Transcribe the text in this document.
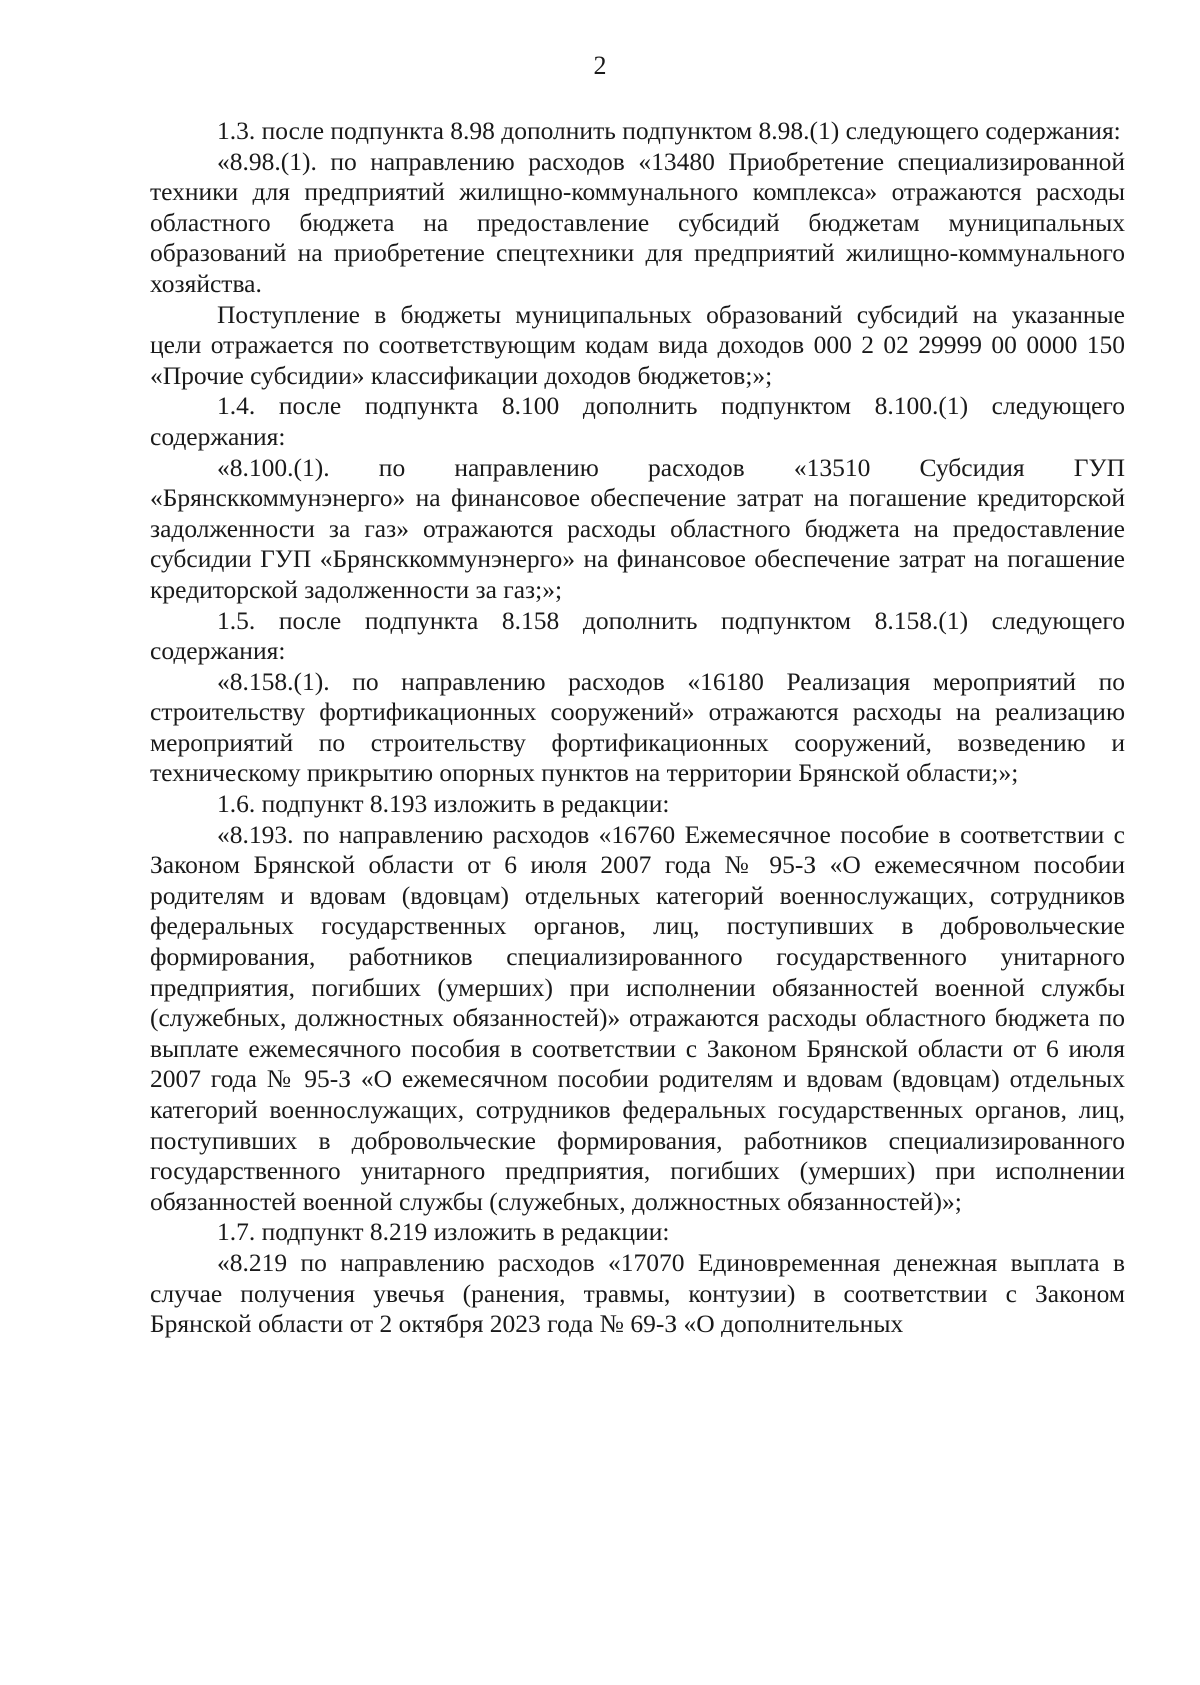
2

1.3. после подпункта 8.98 дополнить подпунктом 8.98.(1) следующего содержания:

«8.98.(1). по направлению расходов «13480 Приобретение специализированной техники для предприятий жилищно-коммунального комплекса» отражаются расходы областного бюджета на предоставление субсидий бюджетам муниципальных образований на приобретение спецтехники для предприятий жилищно-коммунального хозяйства.

Поступление в бюджеты муниципальных образований субсидий на указанные цели отражается по соответствующим кодам вида доходов 000 2 02 29999 00 0000 150 «Прочие субсидии» классификации доходов бюджетов;»;

1.4. после подпункта 8.100 дополнить подпунктом 8.100.(1) следующего содержания:

«8.100.(1). по направлению расходов «13510 Субсидия ГУП «Брянсккоммунэнерго» на финансовое обеспечение затрат на погашение кредиторской задолженности за газ» отражаются расходы областного бюджета на предоставление субсидии ГУП «Брянсккоммунэнерго» на финансовое обеспечение затрат на погашение кредиторской задолженности за газ;»;

1.5. после подпункта 8.158 дополнить подпунктом 8.158.(1) следующего содержания:

«8.158.(1). по направлению расходов «16180 Реализация мероприятий по строительству фортификационных сооружений» отражаются расходы на реализацию мероприятий по строительству фортификационных сооружений, возведению и техническому прикрытию опорных пунктов на территории Брянской области;»;

1.6. подпункт 8.193 изложить в редакции:

«8.193. по направлению расходов «16760 Ежемесячное пособие в соответствии с Законом Брянской области от 6 июля 2007 года № 95-З «О ежемесячном пособии родителям и вдовам (вдовцам) отдельных категорий военнослужащих, сотрудников федеральных государственных органов, лиц, поступивших в добровольческие формирования, работников специализированного государственного унитарного предприятия, погибших (умерших) при исполнении обязанностей военной службы (служебных, должностных обязанностей)» отражаются расходы областного бюджета по выплате ежемесячного пособия в соответствии с Законом Брянской области от 6 июля 2007 года № 95-З «О ежемесячном пособии родителям и вдовам (вдовцам) отдельных категорий военнослужащих, сотрудников федеральных государственных органов, лиц, поступивших в добровольческие формирования, работников специализированного государственного унитарного предприятия, погибших (умерших) при исполнении обязанностей военной службы (служебных, должностных обязанностей)»;

1.7. подпункт 8.219 изложить в редакции:

«8.219 по направлению расходов «17070 Единовременная денежная выплата в случае получения увечья (ранения, травмы, контузии) в соответствии с Законом Брянской области от 2 октября 2023 года № 69-З «О дополнительных
